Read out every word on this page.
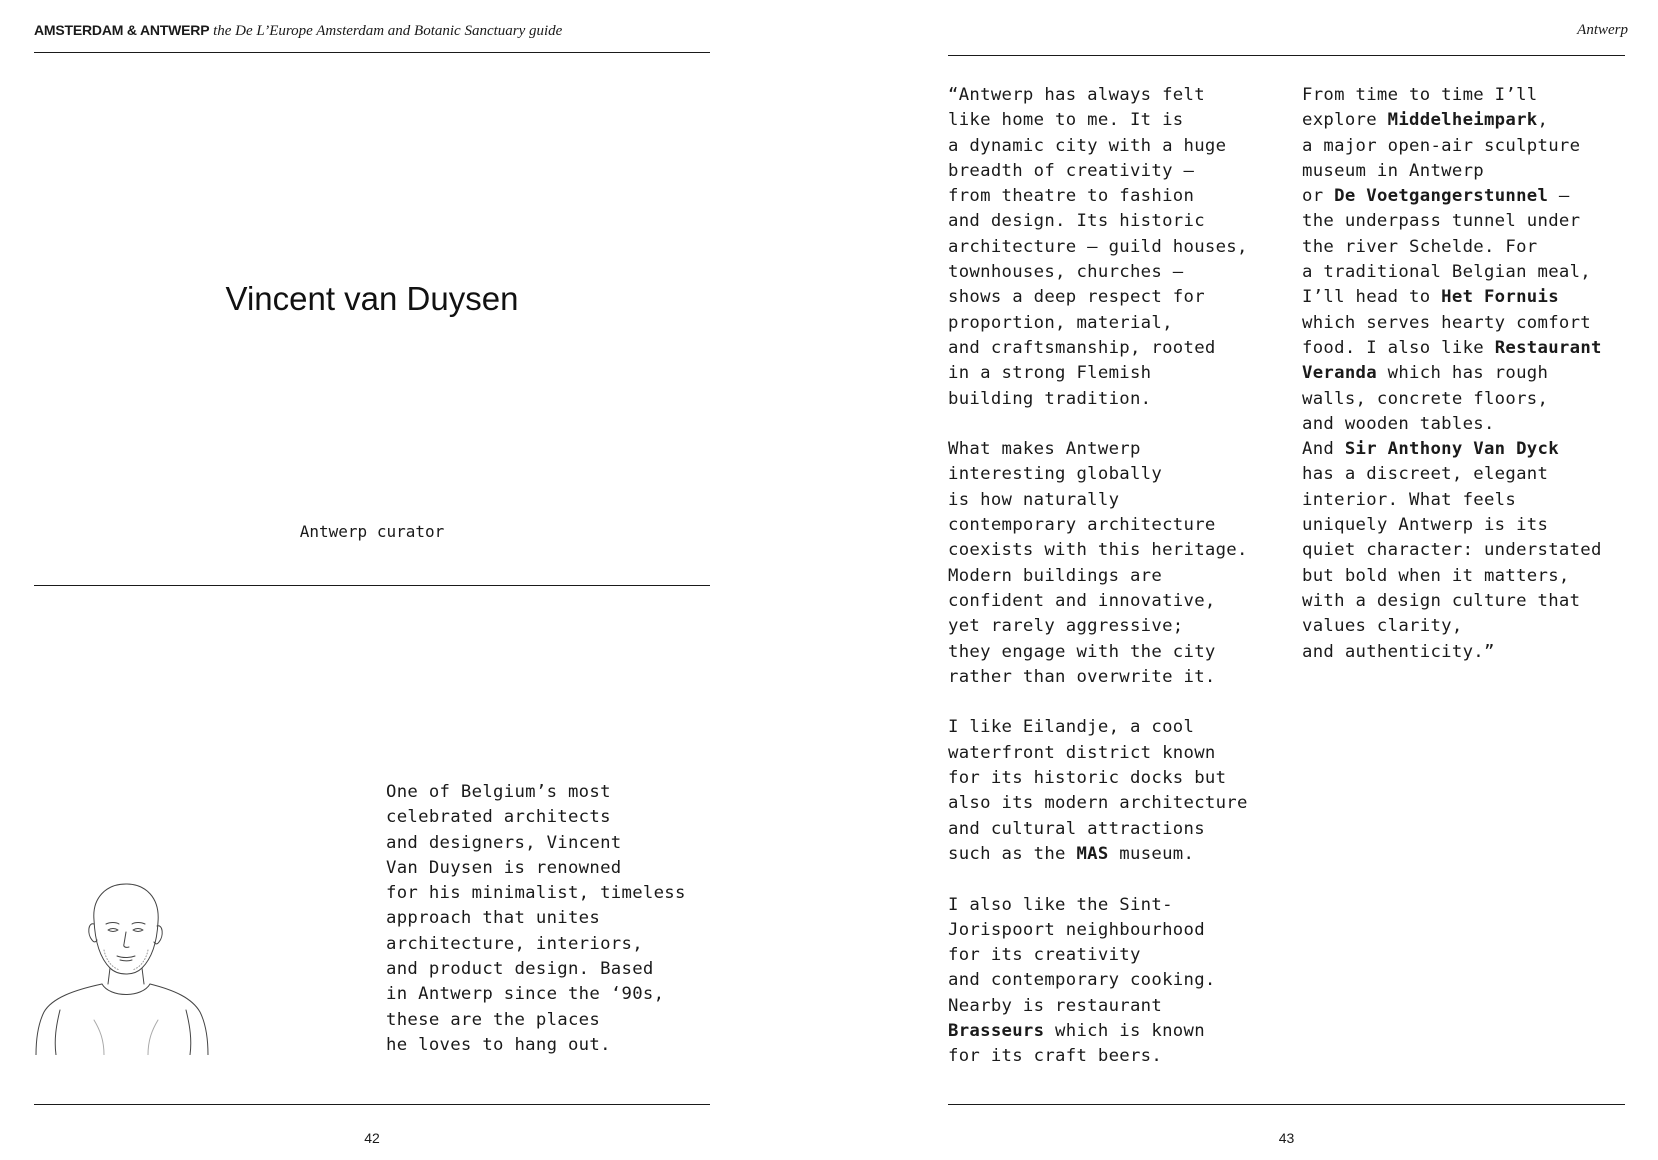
AMSTERDAM & ANTWERP the De L’Europe Amsterdam and Botanic Sanctuary guide
Vincent van Duysen
Antwerp curator
One of Belgium’s most
celebrated architects
and designers, Vincent
Van Duysen is renowned
for his minimalist, timeless
approach that unites
architecture, interiors,
and product design. Based
in Antwerp since the ‘90s,
these are the places
he loves to hang out.
42
Antwerp
“Antwerp has always felt
like home to me. It is
a dynamic city with a huge
breadth of creativity –
from theatre to fashion
and design. Its historic
architecture – guild houses,
townhouses, churches –
shows a deep respect for
proportion, material,
and craftsmanship, rooted
in a strong Flemish
building tradition.
What makes Antwerp
interesting globally
is how naturally
contemporary architecture
coexists with this heritage.
Modern buildings are
confident and innovative,
yet rarely aggressive;
they engage with the city
rather than overwrite it.
I like Eilandje, a cool
waterfront district known
for its historic docks but
also its modern architecture
and cultural attractions
such as the MAS museum.
I also like the Sint-
Jorispoort neighbourhood
for its creativity
and contemporary cooking.
Nearby is restaurant
Brasseurs which is known
for its craft beers.
From time to time I’ll
explore Middelheimpark,
a major open-air sculpture
museum in Antwerp
or De Voetgangerstunnel –
the underpass tunnel under
the river Schelde. For
a traditional Belgian meal,
I’ll head to Het Fornuis
which serves hearty comfort
food. I also like Restaurant
Veranda which has rough
walls, concrete floors,
and wooden tables.
And Sir Anthony Van Dyck
has a discreet, elegant
interior. What feels
uniquely Antwerp is its
quiet character: understated
but bold when it matters,
with a design culture that
values clarity,
and authenticity.”
43
